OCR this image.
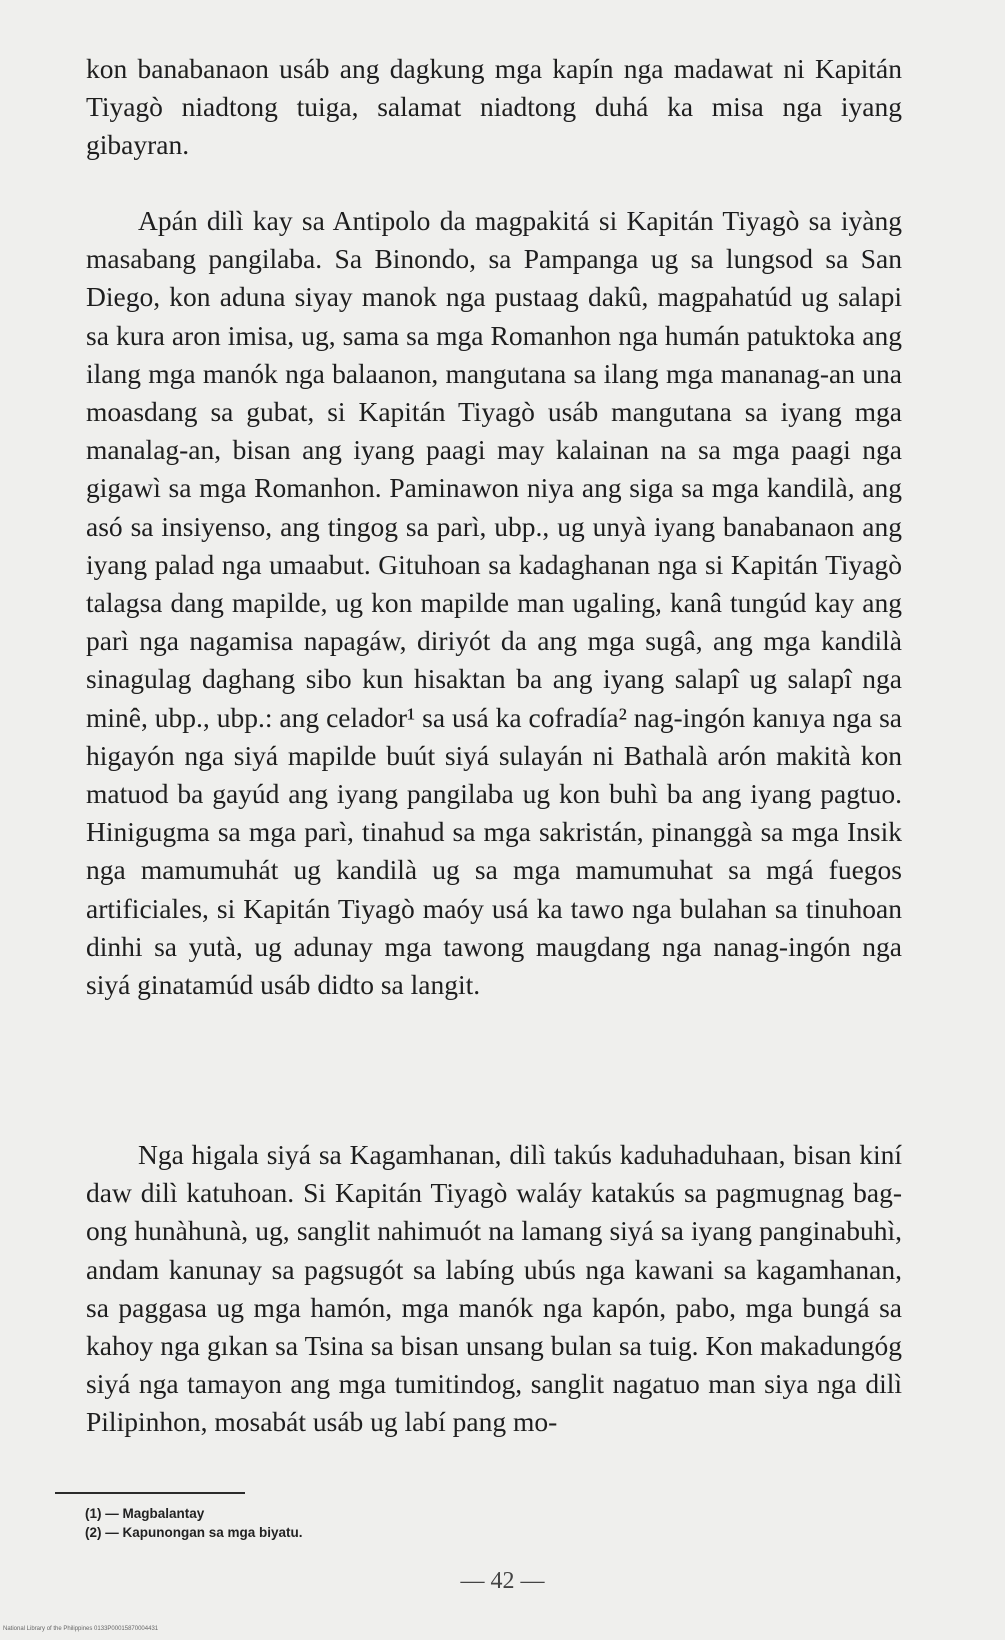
kon banabanaon usáb ang dagkung mga kapín nga madawat ni Kapitán Tiyagò niadtong tuiga, salamat niadtong duhá ka misa nga iyang gibayran.

Apán dilì kay sa Antipolo da magpakitá si Kapitán Tiyagò sa iyàng masabang pangilaba. Sa Binondo, sa Pampanga ug sa lungsod sa San Diego, kon aduna siyay manok nga pustaag dakû, magpahatúd ug salapi sa kura aron imisa, ug, sama sa mga Romanhon nga humán patuktoka ang ilang mga manók nga balaanon, mangutana sa ilang mga mananag-an una moasdang sa gubat, si Kapitán Tiyagò usáb mangutana sa iyang mga manalag-an, bisan ang iyang paagi may kalainan na sa mga paagi nga gigawì sa mga Romanhon. Paminawon niya ang siga sa mga kandilà, ang asó sa insiyenso, ang tingog sa parì, ubp., ug unyà iyang banabanaon ang iyang palad nga umaabut. Gituhoan sa kadaghanan nga si Kapitán Tiyagò talagsa dang mapilde, ug kon mapilde man ugaling, kanâ tungúd kay ang parì nga nagamisa napagáw, diriyót da ang mga sugâ, ang mga kandilà sinagulag daghang sibo kun hisaktan ba ang iyang salapî ug salapî nga minê, ubp., ubp.: ang celador¹ sa usá ka cofradía² nag-ingón kanıya nga sa higayón nga siyá mapilde buút siyá sulayán ni Bathalà arón makità kon matuod ba gayúd ang iyang pangilaba ug kon buhì ba ang iyang pagtuo. Hinigugma sa mga parì, tinahud sa mga sakristán, pinanggà sa mga Insik nga mamumuhát ug kandilà ug sa mga mamumuhat sa mgá fuegos artificiales, si Kapitán Tiyagò maóy usá ka tawo nga bulahan sa tinuhoan dinhi sa yutà, ug adunay mga tawong maugdang nga nanag-ingón nga siyá ginatamúd usáb didto sa langit.

Nga higala siyá sa Kagamhanan, dilì takús kaduhaduhaan, bisan kiní daw dilì katuhoan. Si Kapitán Tiyagò waláy katakús sa pagmugnag bag-ong hunàhunà, ug, sanglit nahimuót na lamang siyá sa iyang panginabuhì, andam kanunay sa pagsugót sa labíng ubús nga kawani sa kagamhanan, sa paggasa ug mga hamón, mga manók nga kapón, pabo, mga bungá sa kahoy nga gıkan sa Tsina sa bisan unsang bulan sa tuig. Kon makadungóg siyá nga tamayon ang mga tumitindog, sanglit nagatuo man siya nga dilì Pilipinhon, mosabát usáb ug labí pang mo-

(1) — Magbalantay
(2) — Kapunongan sa mga biyatu.
— 42 —
National Library of the Philippines 0133P00015870004431
